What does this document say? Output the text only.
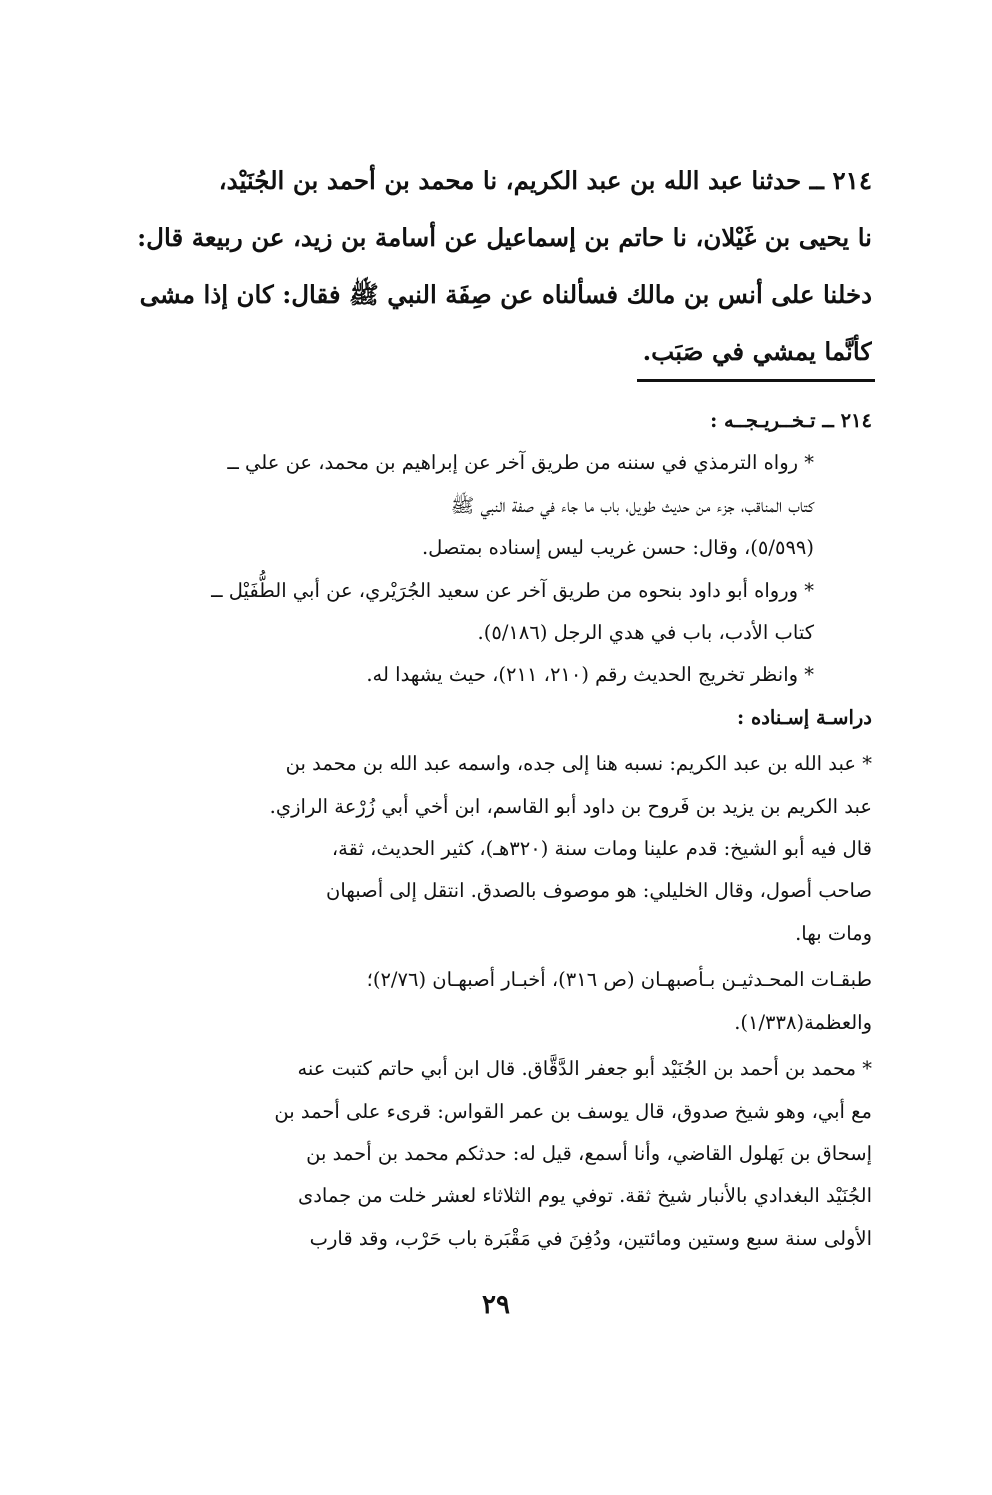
٢١٤ ــ حدثنا عبد الله بن عبد الكريم، نا محمد بن أحمد بن الجُنَيْد،
نا يحيى بن غَيْلان، نا حاتم بن إسماعيل عن أسامة بن زيد، عن ربيعة قال:
دخلنا على أنس بن مالك فسألناه عن صِفَة النبي ﷺ فقال: كان إذا مشى
كأنَّما يمشي في صَبَب.
٢١٤ ــ تـخــريـجــه :
* رواه الترمذي في سننه من طريق آخر عن إبراهيم بن محمد، عن علي ــ
كتاب المناقب، جزء من حديث طويل، باب ما جاء في صفة النبي ﷺ
(٥/٥٩٩)، وقال: حسن غريب ليس إسناده بمتصل.
* ورواه أبو داود بنحوه من طريق آخر عن سعيد الجُرَيْري، عن أبي الطُّفَيْل ــ
كتاب الأدب، باب في هدي الرجل (٥/١٨٦).
* وانظر تخريج الحديث رقم (٢١٠، ٢١١)، حيث يشهدا له.
دراسـة إسـناده :
* عبد الله بن عبد الكريم: نسبه هنا إلى جده، واسمه عبد الله بن محمد بن
عبد الكريم بن يزيد بن فَروح بن داود أبو القاسم، ابن أخي أبي زُرْعة الرازي.
قال فيه أبو الشيخ: قدم علينا ومات سنة (٣٢٠هـ)، كثير الحديث، ثقة،
صاحب أصول، وقال الخليلي: هو موصوف بالصدق. انتقل إلى أصبهان
ومات بها.
طبقـات المحـدثيـن بـأصبهـان (ص ٣١٦)، أخبـار أصبهـان (٢/٧٦)؛
والعظمة(١/٣٣٨).
* محمد بن أحمد بن الجُنَيْد أبو جعفر الدَّقَّاق. قال ابن أبي حاتم كتبت عنه
مع أبي، وهو شيخ صدوق، قال يوسف بن عمر القواس: قرىء على أحمد بن
إسحاق بن بَهلول القاضي، وأنا أسمع، قيل له: حدثكم محمد بن أحمد بن
الجُنَيْد البغدادي بالأنبار شيخ ثقة. توفي يوم الثلاثاء لعشر خلت من جمادى
الأولى سنة سبع وستين ومائتين، ودُفِنَ في مَقْبَرة باب حَرْب، وقد قارب
٢٩
